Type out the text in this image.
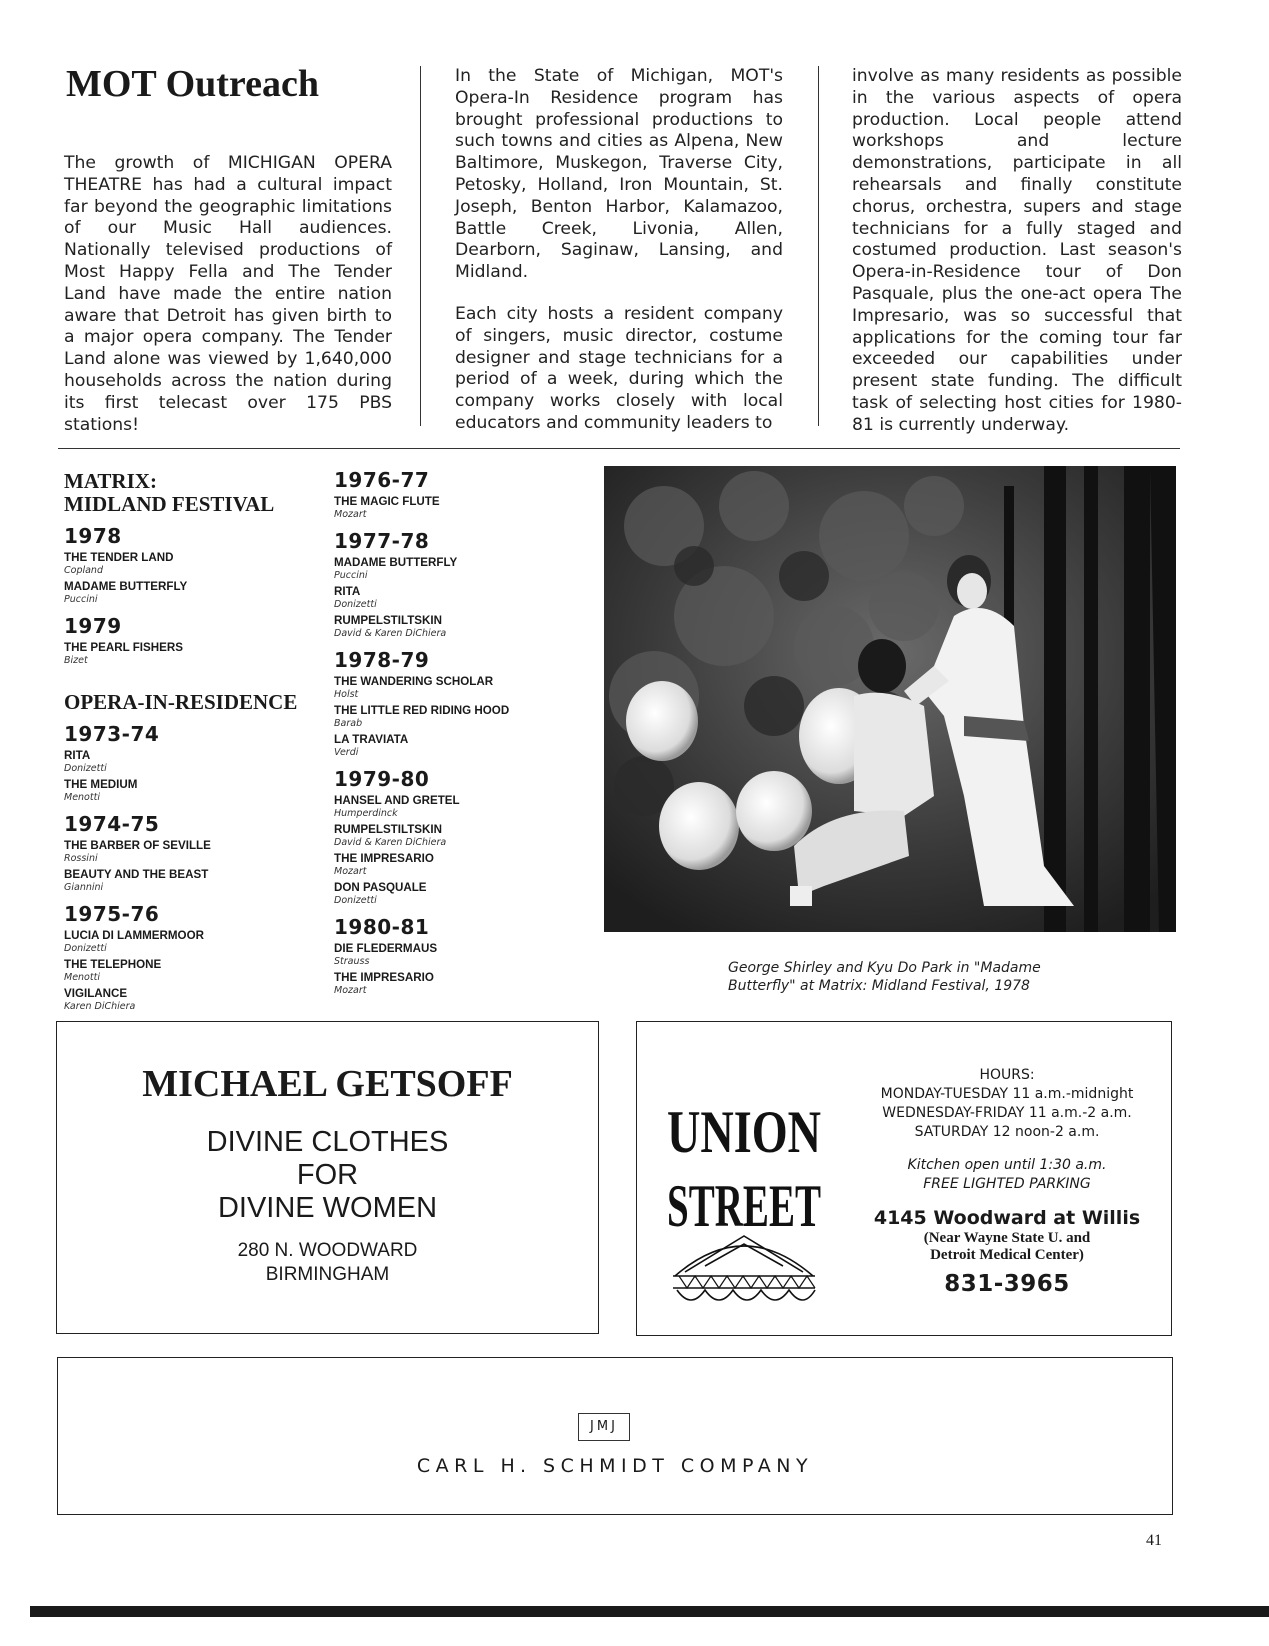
MOT Outreach

The growth of MICHIGAN OPERA THEATRE has had a cultural impact far beyond the geographic limitations of our Music Hall audiences. Nationally televised productions of Most Happy Fella and The Tender Land have made the entire nation aware that Detroit has given birth to a major opera company. The Tender Land alone was viewed by 1,640,000 households across the nation during its first telecast over 175 PBS stations!

In the State of Michigan, MOT's Opera-In Residence program has brought professional productions to such towns and cities as Alpena, New Baltimore, Muskegon, Traverse City, Petosky, Holland, Iron Mountain, St. Joseph, Benton Harbor, Kalamazoo, Battle Creek, Livonia, Allen, Dearborn, Saginaw, Lansing, and Midland.

Each city hosts a resident company of singers, music director, costume designer and stage technicians for a period of a week, during which the company works closely with local educators and community leaders to

involve as many residents as possible in the various aspects of opera production. Local people attend workshops and lecture demonstrations, participate in all rehearsals and finally constitute chorus, orchestra, supers and stage technicians for a fully staged and costumed production. Last season's Opera-in-Residence tour of Don Pasquale, plus the one-act opera The Impresario, was so successful that applications for the coming tour far exceeded our capabilities under present state funding. The difficult task of selecting host cities for 1980-81 is currently underway.

MATRIX:
MIDLAND FESTIVAL
1978
THE TENDER LAND
Copland
MADAME BUTTERFLY
Puccini
1979
THE PEARL FISHERS
Bizet
OPERA-IN-RESIDENCE
1973-74
RITA
Donizetti
THE MEDIUM
Menotti
1974-75
THE BARBER OF SEVILLE
Rossini
BEAUTY AND THE BEAST
Giannini
1975-76
LUCIA DI LAMMERMOOR
Donizetti
THE TELEPHONE
Menotti
VIGILANCE
Karen DiChiera
1976-77
THE MAGIC FLUTE
Mozart
1977-78
MADAME BUTTERFLY
Puccini
RITA
Donizetti
RUMPELSTILTSKIN
David & Karen DiChiera
1978-79
THE WANDERING SCHOLAR
Holst
THE LITTLE RED RIDING HOOD
Barab
LA TRAVIATA
Verdi
1979-80
HANSEL AND GRETEL
Humperdinck
RUMPELSTILTSKIN
David & Karen DiChiera
THE IMPRESARIO
Mozart
DON PASQUALE
Donizetti
1980-81
DIE FLEDERMAUS
Strauss
THE IMPRESARIO
Mozart
George Shirley and Kyu Do Park in "Madame Butterfly" at Matrix: Midland Festival, 1978
MICHAEL GETSOFF
DIVINE CLOTHES
FOR
DIVINE WOMEN
280 N. WOODWARD
BIRMINGHAM
UNION
STREET
HOURS:
MONDAY-TUESDAY 11 a.m.-midnight
WEDNESDAY-FRIDAY 11 a.m.-2 a.m.
SATURDAY 12 noon-2 a.m.
Kitchen open until 1:30 a.m.
FREE LIGHTED PARKING
4145 Woodward at Willis
(Near Wayne State U. and
Detroit Medical Center)
831-3965
JMJ
CARL H. SCHMIDT COMPANY
41
